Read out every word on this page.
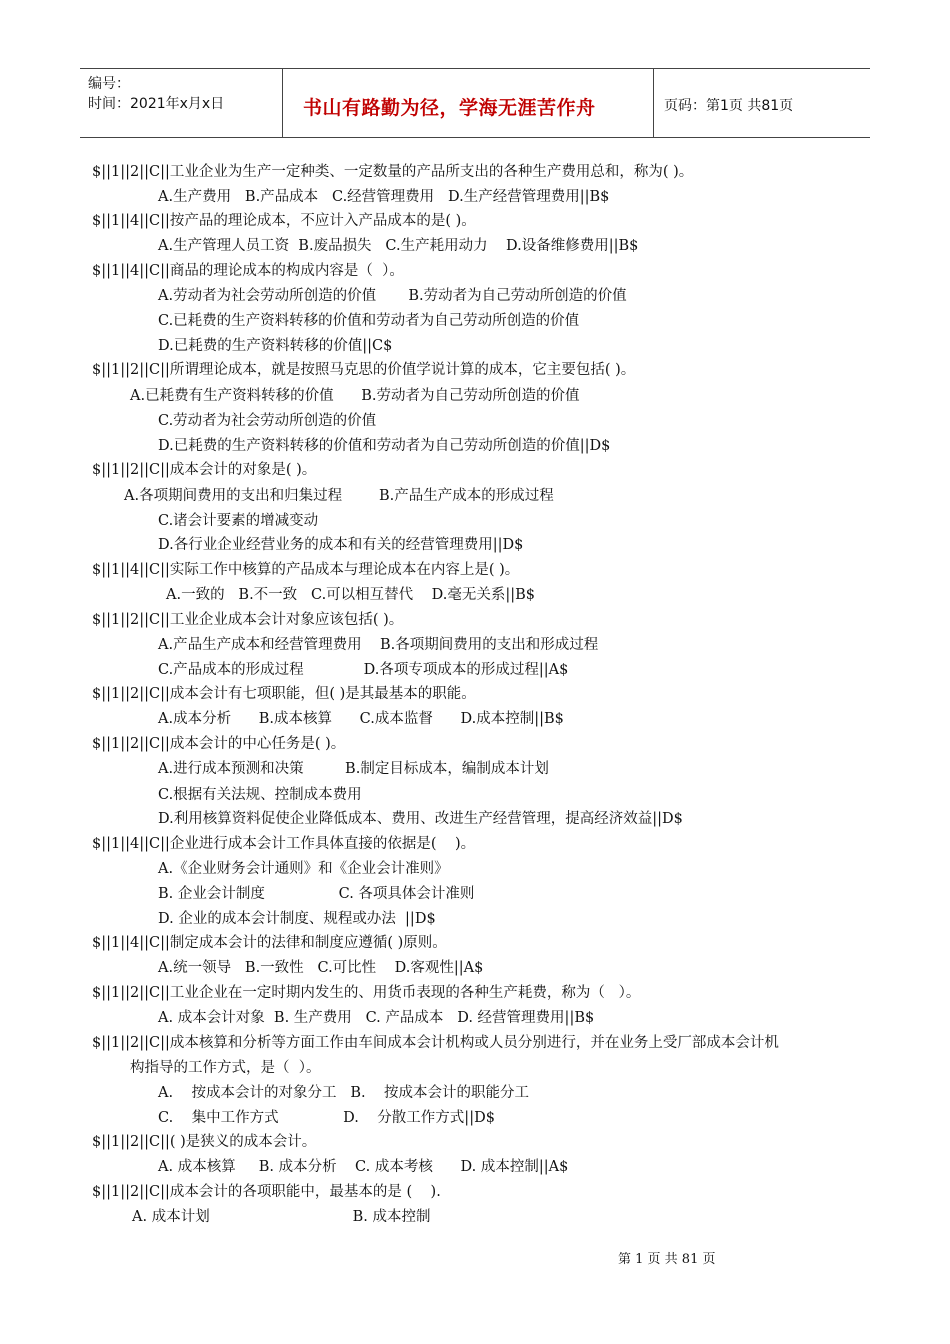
编号：
时间：2021年x月x日	书山有路勤为径，学海无涯苦作舟	页码：第1页 共81页
$||1||2||C||工业企业为生产一定种类、一定数量的产品所支出的各种生产费用总和，称为( )。
A.生产费用   B.产品成本   C.经营管理费用   D.生产经营管理费用||B$
$||1||4||C||按产品的理论成本，不应计入产品成本的是( )。
A.生产管理人员工资  B.废品损失   C.生产耗用动力    D.设备维修费用||B$
$||1||4||C||商品的理论成本的构成内容是（  ）。
A.劳动者为社会劳动所创造的价值       B.劳动者为自己劳动所创造的价值
C.已耗费的生产资料转移的价值和劳动者为自己劳动所创造的价值
D.已耗费的生产资料转移的价值||C$
$||1||2||C||所谓理论成本，就是按照马克思的价值学说计算的成本，它主要包括( )。
A.已耗费有生产资料转移的价值      B.劳动者为自己劳动所创造的价值
C.劳动者为社会劳动所创造的价值
D.已耗费的生产资料转移的价值和劳动者为自己劳动所创造的价值||D$
$||1||2||C||成本会计的对象是( )。
A.各项期间费用的支出和归集过程        B.产品生产成本的形成过程
C.诸会计要素的增减变动
D.各行业企业经营业务的成本和有关的经营管理费用||D$
$||1||4||C||实际工作中核算的产品成本与理论成本在内容上是( )。
A.一致的   B.不一致   C.可以相互替代    D.毫无关系||B$
$||1||2||C||工业企业成本会计对象应该包括( )。
A.产品生产成本和经营管理费用    B.各项期间费用的支出和形成过程
C.产品成本的形成过程             D.各项专项成本的形成过程||A$
$||1||2||C||成本会计有七项职能，但( )是其最基本的职能。
A.成本分析      B.成本核算      C.成本监督      D.成本控制||B$
$||1||2||C||成本会计的中心任务是( )。
A.进行成本预测和决策         B.制定目标成本，编制成本计划
C.根据有关法规、控制成本费用
D.利用核算资料促使企业降低成本、费用、改进生产经营管理，提高经济效益||D$
$||1||4||C||企业进行成本会计工作具体直接的依据是(    )。
A.《企业财务会计通则》和《企业会计准则》
B. 企业会计制度                C. 各项具体会计准则
D. 企业的成本会计制度、规程或办法  ||D$
$||1||4||C||制定成本会计的法律和制度应遵循( )原则。
A.统一领导   B.一致性   C.可比性    D.客观性||A$
$||1||2||C||工业企业在一定时期内发生的、用货币表现的各种生产耗费，称为（   ）。
A. 成本会计对象  B. 生产费用   C. 产品成本   D. 经营管理费用||B$
$||1||2||C||成本核算和分析等方面工作由车间成本会计机构或人员分别进行，并在业务上受厂部成本会计机
构指导的工作方式，是（  ）。
A.    按成本会计的对象分工   B.    按成本会计的职能分工
C.    集中工作方式              D.    分散工作方式||D$
$||1||2||C||( )是狭义的成本会计。
A. 成本核算     B. 成本分析    C. 成本考核      D. 成本控制||A$
$||1||2||C||成本会计的各项职能中，最基本的是 (    ).
A. 成本计划                               B. 成本控制
第 1 页 共 81 页
